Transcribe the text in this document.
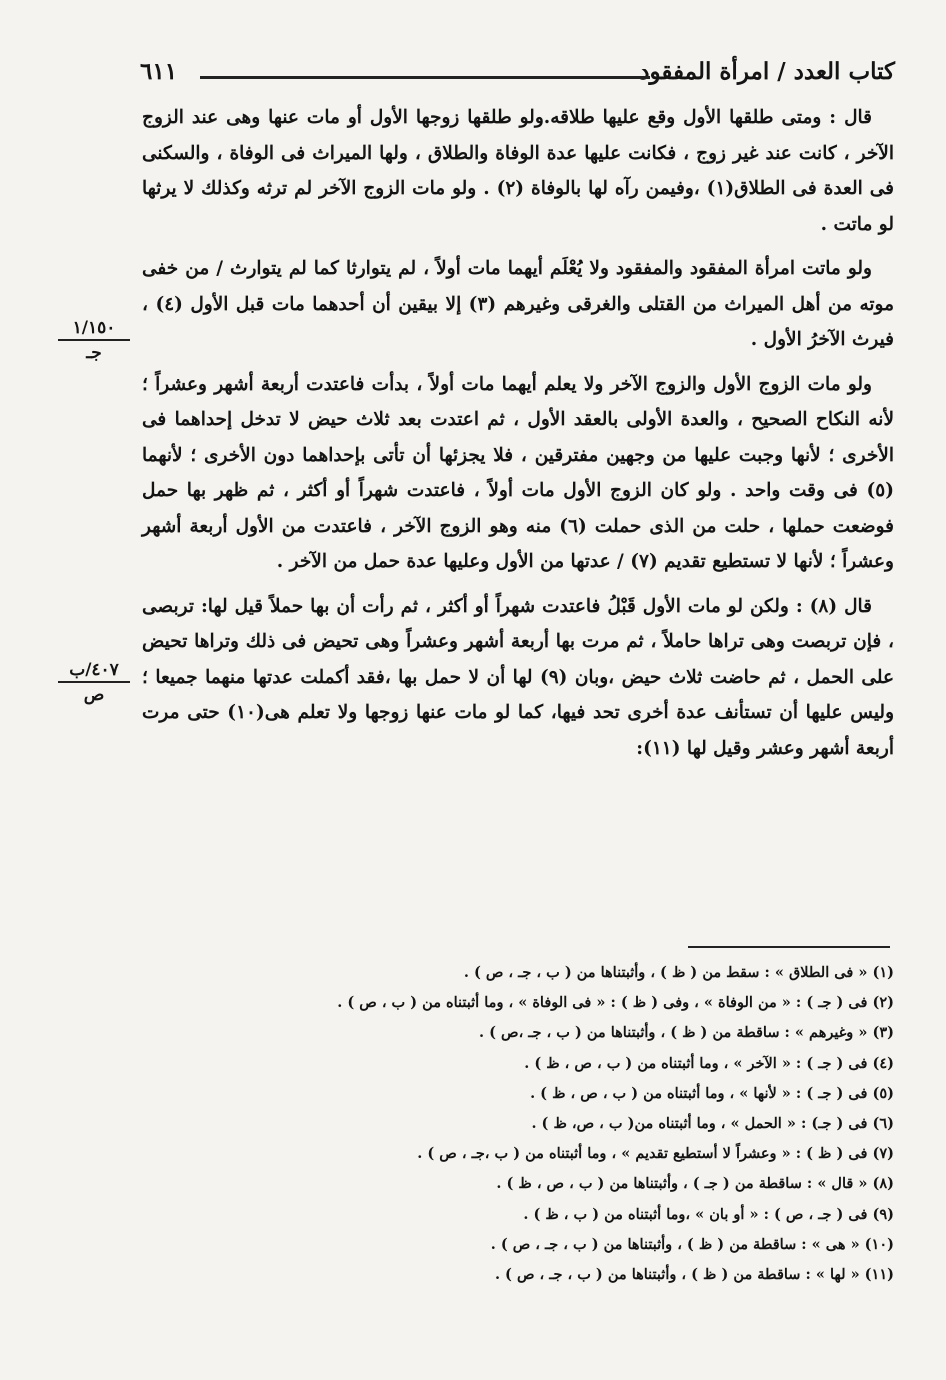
كتاب العدد / امرأة المفقود
٦١١
١/١٥٠
جـ
٤٠٧/ب
ص

قال : ومتى طلقها الأول وقع عليها طلاقه.ولو طلقها زوجها الأول أو مات عنها وهى عند الزوج الآخر ، كانت عند غير زوج ، فكانت عليها عدة الوفاة والطلاق ، ولها الميراث فى الوفاة ، والسكنى فى العدة فى الطلاق(١) ،وفيمن رآه لها بالوفاة (٢) . ولو مات الزوج الآخر لم ترثه وكذلك لا يرثها لو ماتت .

ولو ماتت امرأة المفقود والمفقود ولا يُعْلَم أيهما مات أولاً ، لم يتوارثا كما لم يتوارث / من خفى موته من أهل الميراث من القتلى والغرقى وغيرهم (٣) إلا بيقين أن أحدهما مات قبل الأول (٤) ، فيرث الآخرُ الأول .

ولو مات الزوج الأول والزوج الآخر ولا يعلم أيهما مات أولاً ، بدأت فاعتدت أربعة أشهر وعشراً ؛ لأنه النكاح الصحيح ، والعدة الأولى بالعقد الأول ، ثم اعتدت بعد ثلاث حيض لا تدخل إحداهما فى الأخرى ؛ لأنها وجبت عليها من وجهين مفترقين ، فلا يجزئها أن تأتى بإحداهما دون الأخرى ؛ لأنهما (٥) فى وقت واحد . ولو كان الزوج الأول مات أولاً ، فاعتدت شهراً أو أكثر ، ثم ظهر بها حمل فوضعت حملها ، حلت من الذى حملت (٦) منه وهو الزوج الآخر ، فاعتدت من الأول أربعة أشهر وعشراً ؛ لأنها لا تستطيع تقديم (٧) / عدتها من الأول وعليها عدة حمل من الآخر .

قال (٨) : ولكن لو مات الأول قَبْلُ فاعتدت شهراً أو أكثر ، ثم رأت أن بها حملاً قيل لها: تربصى ، فإن تربصت وهى تراها حاملاً ، ثم مرت بها أربعة أشهر وعشراً وهى تحيض فى ذلك وتراها تحيض على الحمل ، ثم حاضت ثلاث حيض ،وبان (٩) لها أن لا حمل بها ،فقد أكملت عدتها منهما جميعا ؛وليس عليها أن تستأنف عدة أخرى تحد فيها، كما لو مات عنها زوجها ولا تعلم هى(١٠) حتى مرت أربعة أشهر وعشر وقيل لها (١١):

(١) « فى الطلاق » : سقط من ( ظ ) ، وأثبتناها من ( ب ، جـ ، ص ) .
(٢) فى ( جـ ) : « من الوفاة » ، وفى ( ظ ) : « فى الوفاة » ، وما أثبتناه من ( ب ، ص ) .
(٣) « وغيرهم » : ساقطة من ( ظ ) ، وأثبتناها من ( ب ، جـ ،ص ) .
(٤) فى ( جـ ) : « الآخر » ، وما أثبتناه من ( ب ، ص ، ظ ) .
(٥) فى ( جـ ) : « لأنها » ، وما أثبتناه من ( ب ، ص ، ظ ) .
(٦) فى ( جـ) : « الحمل » ، وما أثبتناه من( ب ، ص، ظ ) .
(٧) فى ( ظ ) : « وعشراً لا أستطيع تقديم » ، وما أثبتناه من ( ب ،جـ ، ص ) .
(٨) « قال » : ساقطة من ( جـ ) ، وأثبتناها من ( ب ، ص ، ظ ) .
(٩) فى ( جـ ، ص ) : « أو بان » ،وما أثبتناه من ( ب ، ظ ) .
(١٠) « هى » : ساقطة من ( ظ ) ، وأثبتناها من ( ب ، جـ ، ص ) .
(١١) « لها » : ساقطة من ( ظ ) ، وأثبتناها من ( ب ، جـ ، ص ) .
